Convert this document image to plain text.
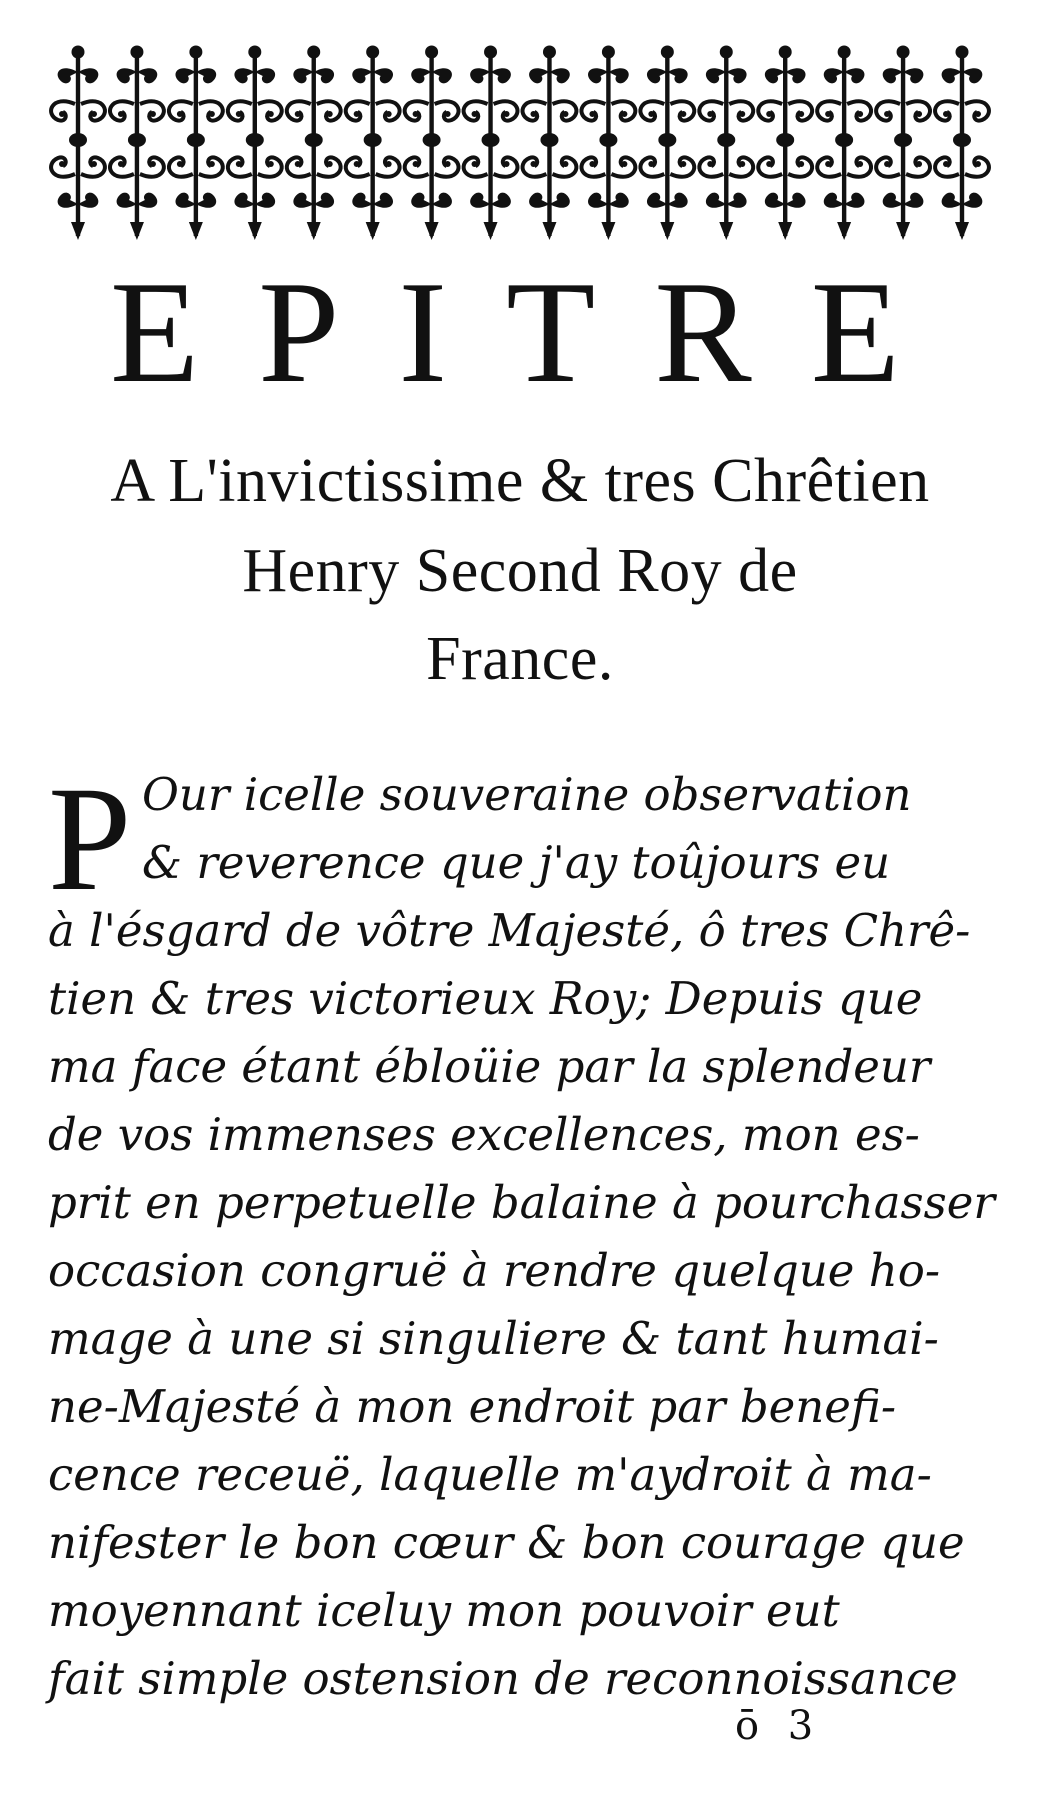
E P I T R E
A L'invictissime & tres Chrêtien
Henry Second Roy de
France.
P Our icelle souveraine observation
& reverence que j'ay toûjours eu
à l'ésgard de vôtre Majesté, ô tres Chrê-
tien & tres victorieux Roy; Depuis que
ma face étant ébloüie par la splendeur
de vos immenses excellences, mon es-
prit en perpetuelle balaine à pourchasser
occasion congruë à rendre quelque ho-
mage à une si singuliere & tant humai-
ne-Majesté à mon endroit par benefi-
cence receuë, laquelle m'aydroit à ma-
nifester le bon cœur & bon courage que
moyennant iceluy mon pouvoir eut
fait simple ostension de reconnoissance
ō 3
